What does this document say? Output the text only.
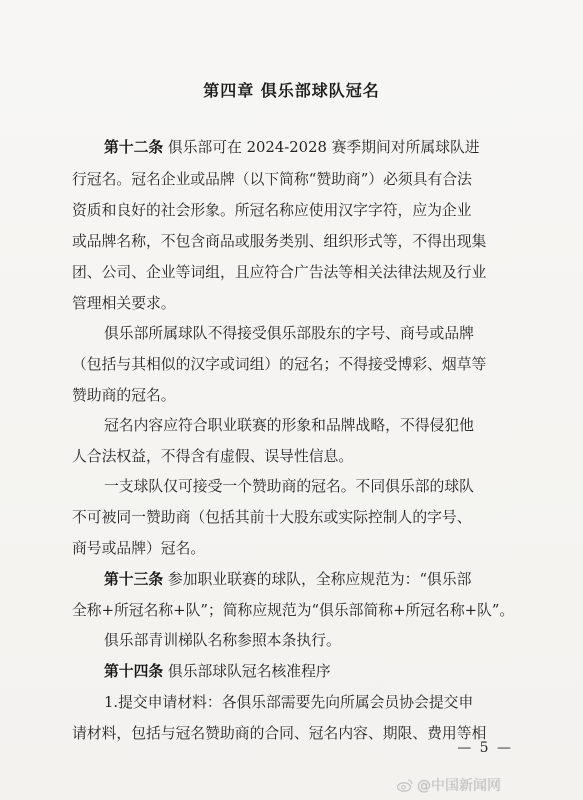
第四章 俱乐部球队冠名
第十二条 俱乐部可在 2024-2028 赛季期间对所属球队进
行冠名。冠名企业或品牌（以下简称“赞助商”）必须具有合法
资质和良好的社会形象。所冠名称应使用汉字字符，应为企业
或品牌名称，不包含商品或服务类别、组织形式等，不得出现集
团、公司、企业等词组，且应符合广告法等相关法律法规及行业
管理相关要求。
俱乐部所属球队不得接受俱乐部股东的字号、商号或品牌
（包括与其相似的汉字或词组）的冠名；不得接受博彩、烟草等
赞助商的冠名。
冠名内容应符合职业联赛的形象和品牌战略，不得侵犯他
人合法权益，不得含有虚假、误导性信息。
一支球队仅可接受一个赞助商的冠名。不同俱乐部的球队
不可被同一赞助商（包括其前十大股东或实际控制人的字号、
商号或品牌）冠名。
第十三条 参加职业联赛的球队，全称应规范为：“俱乐部
全称+所冠名称+队”；简称应规范为“俱乐部简称+所冠名称+队”。
俱乐部青训梯队名称参照本条执行。
第十四条 俱乐部球队冠名核准程序
1.提交申请材料：各俱乐部需要先向所属会员协会提交申
请材料，包括与冠名赞助商的合同、冠名内容、期限、费用等相
— 5 —
@中国新闻网
